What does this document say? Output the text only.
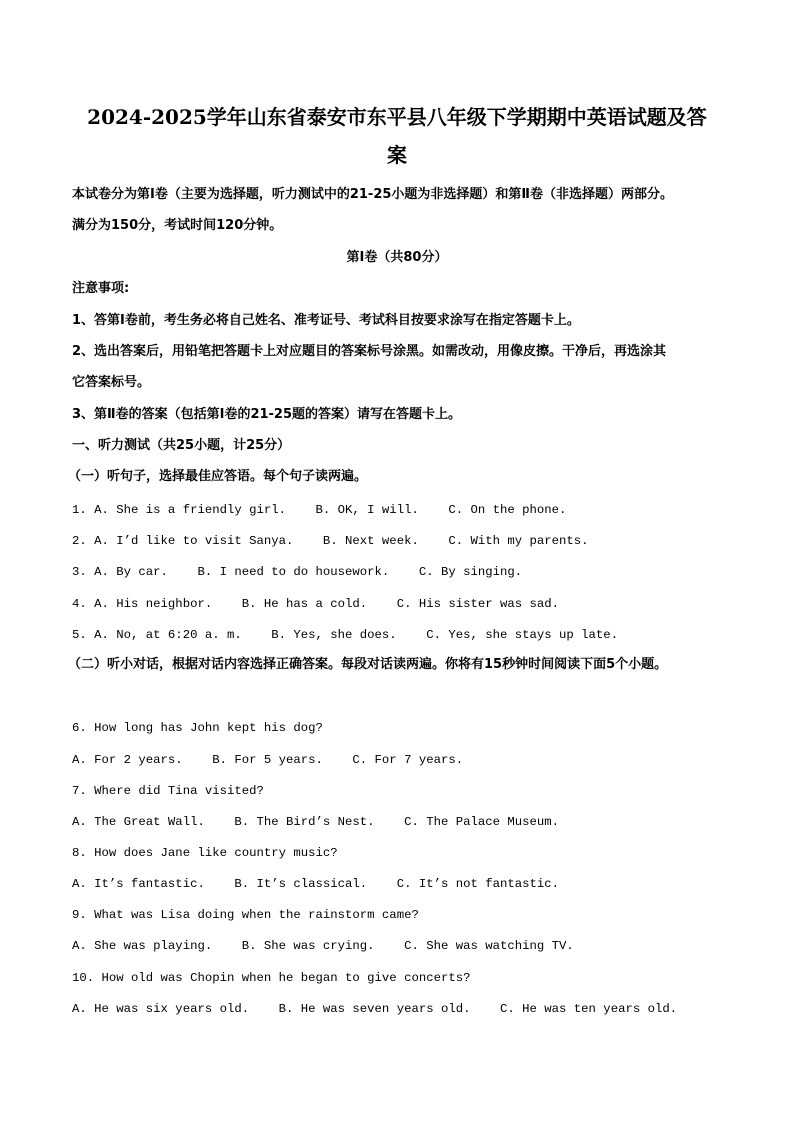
2024-2025学年山东省泰安市东平县八年级下学期期中英语试题及答
案
本试卷分为第Ⅰ卷（主要为选择题，听力测试中的21-25小题为非选择题）和第Ⅱ卷（非选择题）两部分。
满分为150分，考试时间120分钟。
第Ⅰ卷（共80分）
注意事项:
1、答第Ⅰ卷前，考生务必将自己姓名、准考证号、考试科目按要求涂写在指定答题卡上。
2、选出答案后，用铅笔把答题卡上对应题目的答案标号涂黑。如需改动，用像皮擦。干净后，再选涂其
它答案标号。
3、第Ⅱ卷的答案（包括第Ⅰ卷的21-25题的答案）请写在答题卡上。
一、听力测试（共25小题，计25分）
（一）听句子，选择最佳应答语。每个句子读两遍。
1. A. She is a friendly girl.    B. OK, I will.    C. On the phone.
2. A. I’d like to visit Sanya.    B. Next week.    C. With my parents.
3. A. By car.    B. I need to do housework.    C. By singing.
4. A. His neighbor.    B. He has a cold.    C. His sister was sad.
5. A. No, at 6:20 a. m.    B. Yes, she does.    C. Yes, she stays up late.
（二）听小对话，根据对话内容选择正确答案。每段对话读两遍。你将有15秒钟时间阅读下面5个小题。
6. How long has John kept his dog?
A. For 2 years.    B. For 5 years.    C. For 7 years.
7. Where did Tina visited?
A. The Great Wall.    B. The Bird’s Nest.    C. The Palace Museum.
8. How does Jane like country music?
A. It’s fantastic.    B. It’s classical.    C. It’s not fantastic.
9. What was Lisa doing when the rainstorm came?
A. She was playing.    B. She was crying.    C. She was watching TV.
10. How old was Chopin when he began to give concerts?
A. He was six years old.    B. He was seven years old.    C. He was ten years old.
